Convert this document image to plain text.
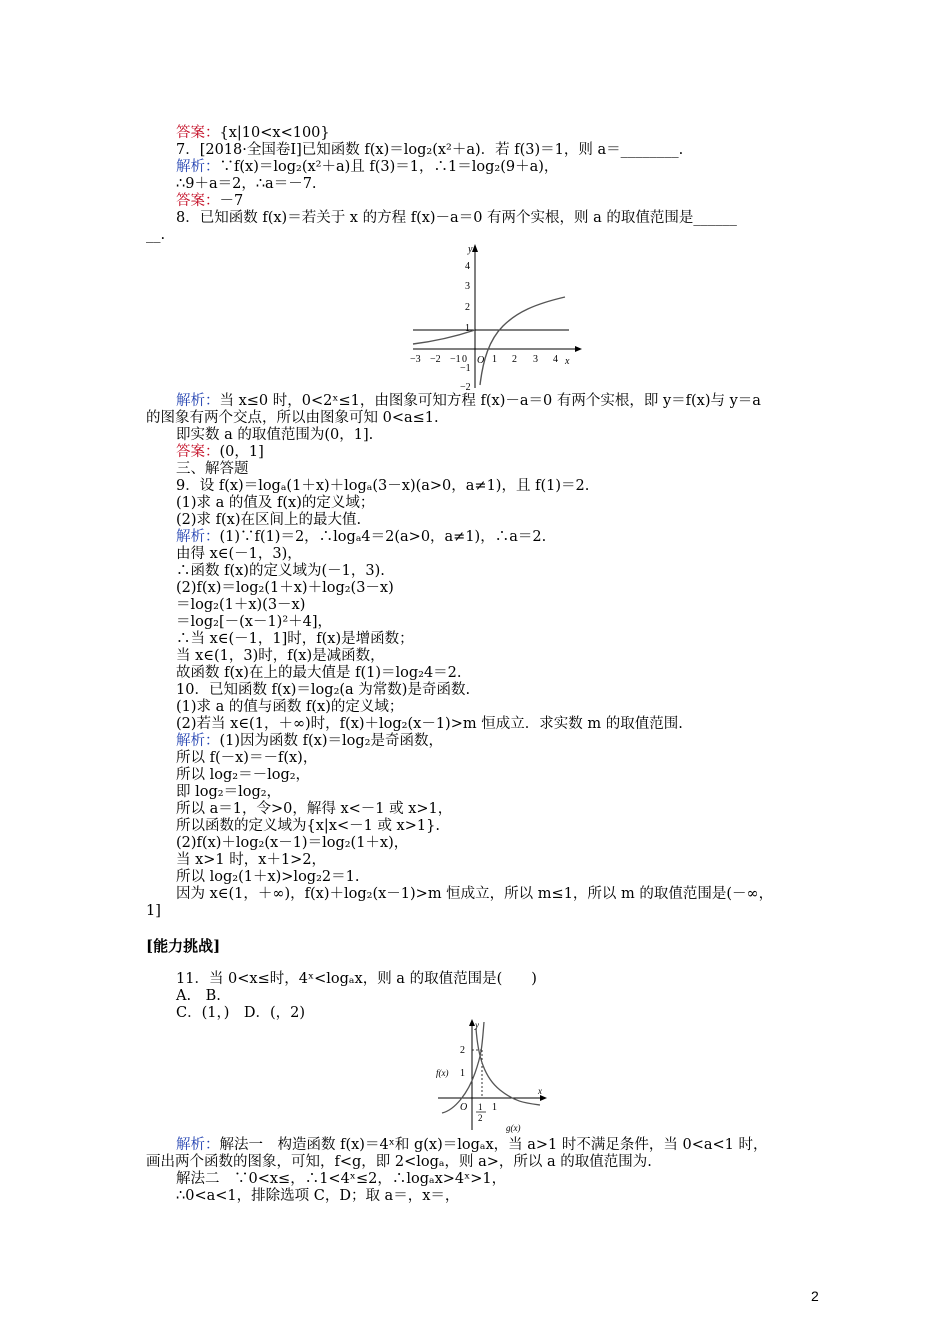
答案：{x|10<x<100}
7．[2018·全国卷Ⅰ]已知函数 f(x)＝log₂(x²＋a)．若 f(3)＝1，则 a＝________.
解析：∵f(x)＝log₂(x²＋a)且 f(3)＝1，∴1＝log₂(9＋a)，
∴9＋a＝2，∴a＝－7.
答案：－7
8．已知函数 f(x)＝若关于 x 的方程 f(x)－a＝0 有两个实根，则 a 的取值范围是______
__.
解析：当 x≤0 时，0<2ˣ≤1，由图象可知方程 f(x)－a＝0 有两个实根，即 y＝f(x)与 y＝a
的图象有两个交点，所以由图象可知 0<a≤1.
即实数 a 的取值范围为(0，1].
答案：(0，1]
三、解答题
9．设 f(x)＝logₐ(1＋x)＋logₐ(3－x)(a>0，a≠1)，且 f(1)＝2.
(1)求 a 的值及 f(x)的定义域；
(2)求 f(x)在区间上的最大值.
解析：(1)∵f(1)＝2，∴logₐ4＝2(a>0，a≠1)，∴a＝2.
由得 x∈(－1，3)，
∴函数 f(x)的定义域为(－1，3).
(2)f(x)＝log₂(1＋x)＋log₂(3－x)
＝log₂(1＋x)(3－x)
＝log₂[－(x－1)²＋4]，
∴当 x∈(－1，1]时，f(x)是增函数；
当 x∈(1，3)时，f(x)是减函数，
故函数 f(x)在上的最大值是 f(1)＝log₂4＝2.
10．已知函数 f(x)＝log₂(a 为常数)是奇函数.
(1)求 a 的值与函数 f(x)的定义域；
(2)若当 x∈(1，＋∞)时，f(x)＋log₂(x－1)>m 恒成立．求实数 m 的取值范围.
解析：(1)因为函数 f(x)＝log₂是奇函数，
所以 f(－x)＝－f(x)，
所以 log₂＝－log₂，
即 log₂＝log₂，
所以 a＝1，令>0，解得 x<－1 或 x>1，
所以函数的定义域为{x|x<－1 或 x>1}.
(2)f(x)＋log₂(x－1)＝log₂(1＋x)，
当 x>1 时，x＋1>2，
所以 log₂(1＋x)>log₂2＝1.
因为 x∈(1，＋∞)，f(x)＋log₂(x－1)>m 恒成立，所以 m≤1，所以 m 的取值范围是(－∞，
1]
[能力挑战]
11．当 0<x≤时，4ˣ<logₐx，则 a 的取值范围是(　　)
A.　B.
C．(1，)　D．(，2)
解析：解法一　构造函数 f(x)＝4ˣ和 g(x)＝logₐx，当 a>1 时不满足条件，当 0<a<1 时，
画出两个函数的图象，可知，f<g，即 2<logₐ，则 a>，所以 a 的取值范围为.
解法二　∵0<x≤，∴1<4ˣ≤2，∴logₐx>4ˣ>1，
∴0<a<1，排除选项 C，D；取 a＝，x＝，
y
x
O
4
3
2
1
−1
−2
−3 −2 −1 0	1 2 3 4
y
x
2
f(x) 1
O 1
2
1
g(x)
2
